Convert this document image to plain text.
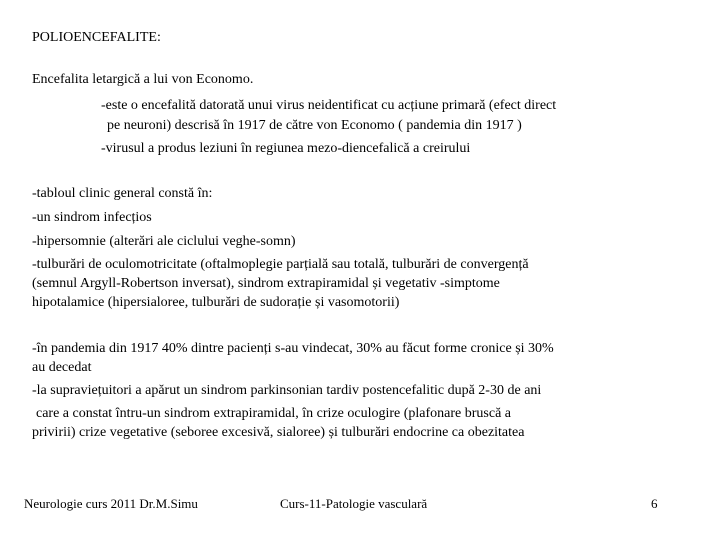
POLIOENCEFALITE:
Encefalita letargică a lui von Economo.
-este o encefalită datorată unui virus neidentificat cu acțiune primară (efect direct
pe neuroni) descrisă în 1917 de către von Economo ( pandemia din 1917 )
-virusul a produs leziuni în regiunea mezo-diencefalică a creirului
-tabloul clinic general constă în:
-un sindrom infecțios
-hipersomnie (alterări ale ciclului veghe-somn)
-tulburări de oculomotricitate (oftalmoplegie parțială sau totală, tulburări de convergență
(semnul Argyll-Robertson inversat), sindrom extrapiramidal și vegetativ -simptome
hipotalamice (hipersialoree, tulburări de sudorație și vasomotorii)
-în pandemia din 1917 40% dintre pacienți s-au vindecat, 30% au făcut forme cronice și 30%
au decedat
-la supraviețuitori a apărut un sindrom parkinsonian tardiv postencefalitic după 2-30 de ani
care a constat întru-un sindrom extrapiramidal, în crize oculogire (plafonare bruscă a
privirii) crize vegetative (seboree excesivă, sialoree) și tulburări endocrine ca obezitatea
Neurologie curs 2011 Dr.M.Simu	Curs-11-Patologie vasculară	6
